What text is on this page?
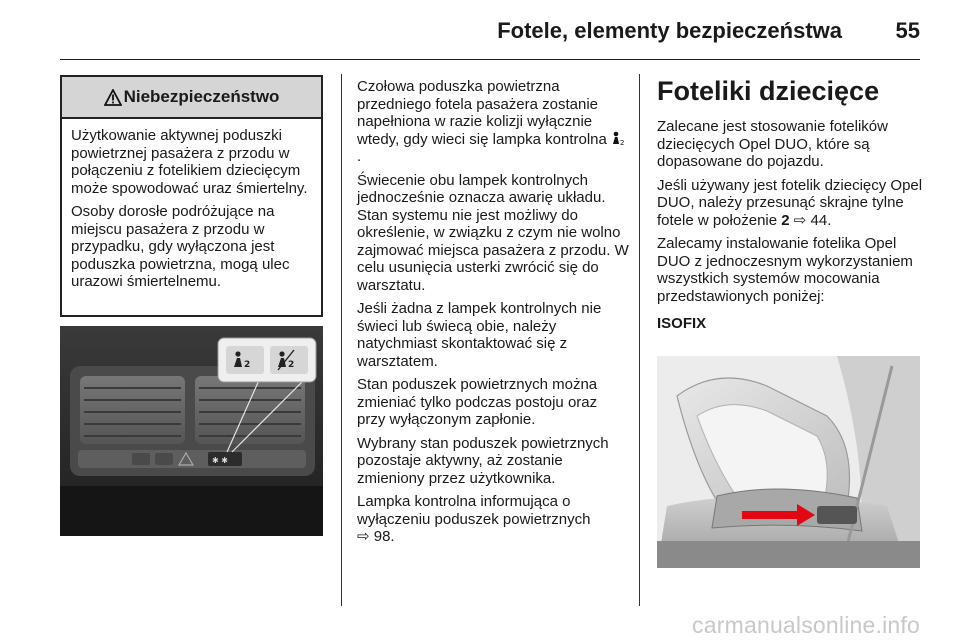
Fotele, elementy bezpieczeństwa 55
Niebezpieczeństwo

Użytkowanie aktywnej poduszki powietrznej pasażera z przodu w połączeniu z fotelikiem dziecięcym może spowodować uraz śmiertelny.

Osoby dorosłe podróżujące na miejscu pasażera z przodu w przypadku, gdy wyłączona jest poduszka powietrzna, mogą ulec urazowi śmiertelnemu.

✱ ✱
2	2

Czołowa poduszka powietrzna przedniego fotela pasażera zostanie napełniona w razie kolizji wyłącznie wtedy, gdy wieci się lampka kontrolna 2
.

Świecenie obu lampek kontrolnych jednocześnie oznacza awarię układu. Stan systemu nie jest możliwy do określenie, w związku z czym nie wolno zajmować miejsca pasażera z przodu. W celu usunięcia usterki zwrócić się do warsztatu.

Jeśli żadna z lampek kontrolnych nie świeci lub świecą obie, należy natychmiast skontaktować się z warsztatem.

Stan poduszek powietrznych można zmieniać tylko podczas postoju oraz przy wyłączonym zapłonie.

Wybrany stan poduszek powietrznych pozostaje aktywny, aż zostanie zmieniony przez użytkownika.

Lampka kontrolna informująca o wyłączeniu poduszek powietrznych
⇨ 98.

Foteliki dziecięce

Zalecane jest stosowanie fotelików dziecięcych Opel DUO, które są dopasowane do pojazdu.

Jeśli używany jest fotelik dziecięcy Opel DUO, należy przesunąć skrajne tylne fotele w położenie 2 ⇨ 44.

Zalecamy instalowanie fotelika Opel DUO z jednoczesnym wykorzystaniem wszystkich systemów mocowania przedstawionych poniżej:

ISOFIX

carmanualsonline.info
